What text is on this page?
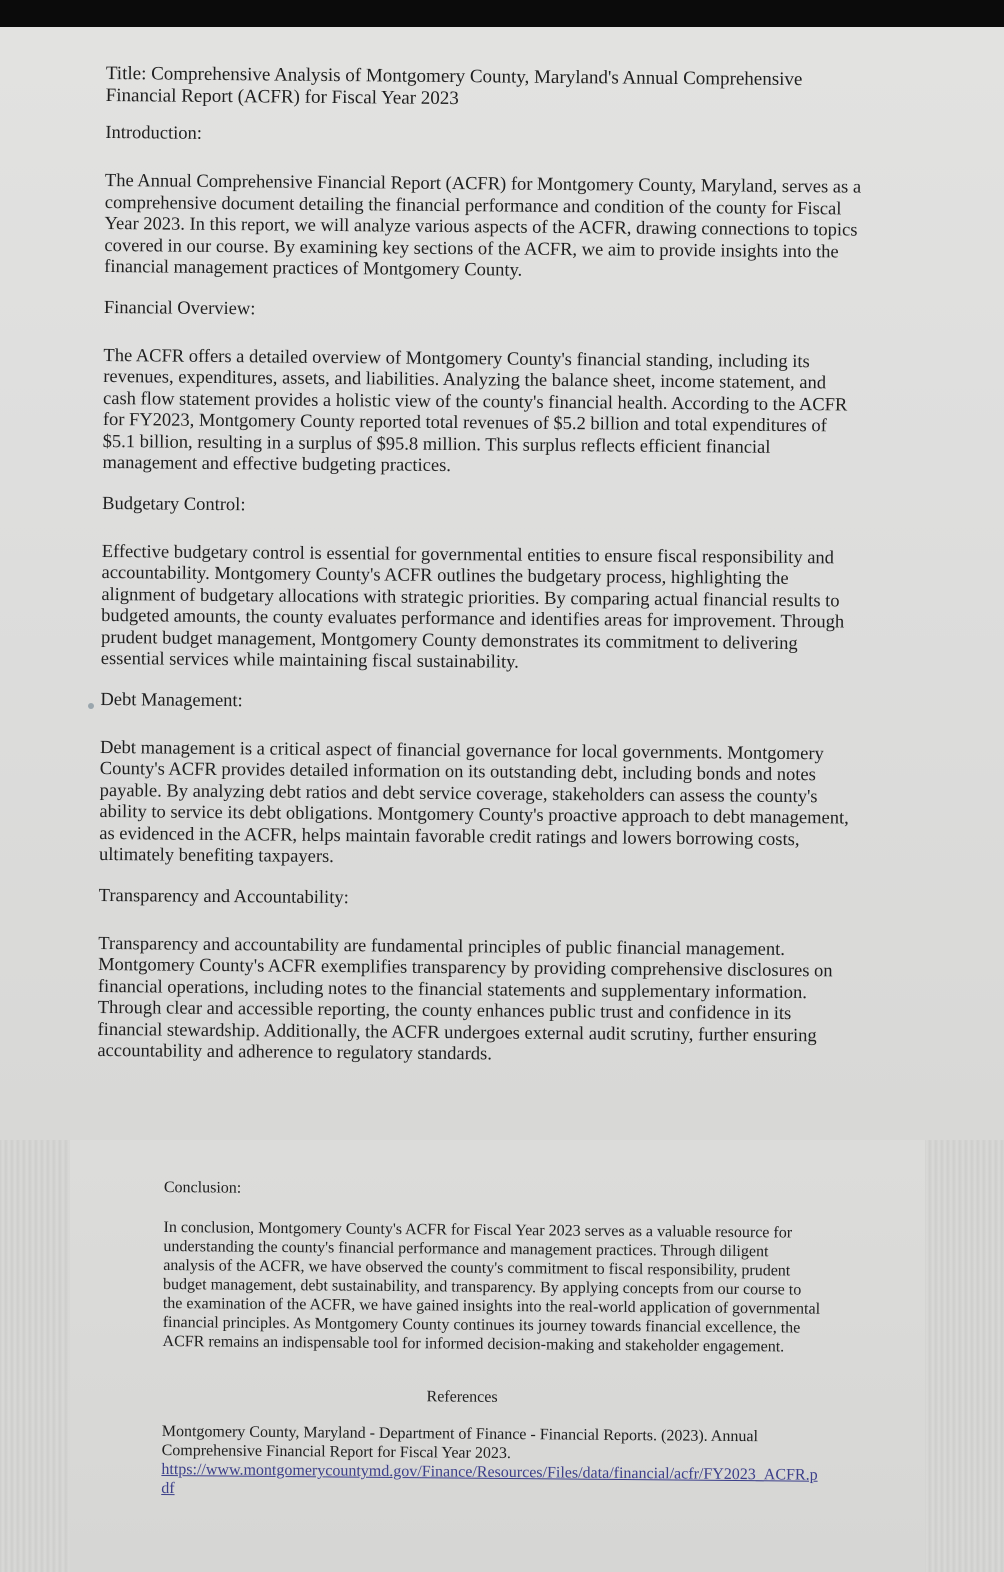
Title: Comprehensive Analysis of Montgomery County, Maryland's Annual Comprehensive Financial Report (ACFR) for Fiscal Year 2023

Introduction:

The Annual Comprehensive Financial Report (ACFR) for Montgomery County, Maryland, serves as a comprehensive document detailing the financial performance and condition of the county for Fiscal Year 2023. In this report, we will analyze various aspects of the ACFR, drawing connections to topics covered in our course. By examining key sections of the ACFR, we aim to provide insights into the financial management practices of Montgomery County.

Financial Overview:

The ACFR offers a detailed overview of Montgomery County's financial standing, including its revenues, expenditures, assets, and liabilities. Analyzing the balance sheet, income statement, and cash flow statement provides a holistic view of the county's financial health. According to the ACFR for FY2023, Montgomery County reported total revenues of $5.2 billion and total expenditures of $5.1 billion, resulting in a surplus of $95.8 million. This surplus reflects efficient financial management and effective budgeting practices.

Budgetary Control:

Effective budgetary control is essential for governmental entities to ensure fiscal responsibility and accountability. Montgomery County's ACFR outlines the budgetary process, highlighting the alignment of budgetary allocations with strategic priorities. By comparing actual financial results to budgeted amounts, the county evaluates performance and identifies areas for improvement. Through prudent budget management, Montgomery County demonstrates its commitment to delivering essential services while maintaining fiscal sustainability.

Debt Management:

Debt management is a critical aspect of financial governance for local governments. Montgomery County's ACFR provides detailed information on its outstanding debt, including bonds and notes payable. By analyzing debt ratios and debt service coverage, stakeholders can assess the county's ability to service its debt obligations. Montgomery County's proactive approach to debt management, as evidenced in the ACFR, helps maintain favorable credit ratings and lowers borrowing costs, ultimately benefiting taxpayers.

Transparency and Accountability:

Transparency and accountability are fundamental principles of public financial management. Montgomery County's ACFR exemplifies transparency by providing comprehensive disclosures on financial operations, including notes to the financial statements and supplementary information. Through clear and accessible reporting, the county enhances public trust and confidence in its financial stewardship. Additionally, the ACFR undergoes external audit scrutiny, further ensuring accountability and adherence to regulatory standards.

Conclusion:

In conclusion, Montgomery County's ACFR for Fiscal Year 2023 serves as a valuable resource for understanding the county's financial performance and management practices. Through diligent analysis of the ACFR, we have observed the county's commitment to fiscal responsibility, prudent budget management, debt sustainability, and transparency. By applying concepts from our course to the examination of the ACFR, we have gained insights into the real-world application of governmental financial principles. As Montgomery County continues its journey towards financial excellence, the ACFR remains an indispensable tool for informed decision-making and stakeholder engagement.

References

Montgomery County, Maryland - Department of Finance - Financial Reports. (2023). Annual Comprehensive Financial Report for Fiscal Year 2023.

https://www.montgomerycountymd.gov/Finance/Resources/Files/data/financial/acfr/FY2023_ACFR.pdf
